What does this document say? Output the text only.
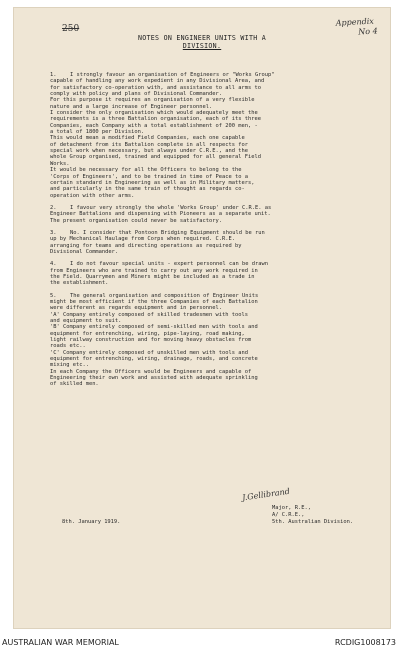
250
Appendix
No 4
NOTES ON ENGINEER UNITS WITH A
DIVISION.
1.	I strongly favour an organisation of Engineers or "Works Group"
capable of handling any work expedient in any Divisional Area, and
for satisfactory co-operation with, and assistance to all arms to
comply with policy and plans of Divisional Commander.
For this purpose it requires an organisation of a very flexible
nature and a large increase of Engineer personnel.
I consider the only organisation which would adequately meet the
requirements is a three Battalion organisation, each of its three
Companies, each Company with a total establishment of 200 men, -
a total of 1800 per Division.
This would mean a modified Field Companies, each one capable
of detachment from its Battalion complete in all respects for
special work when necessary, but always under C.R.E., and the
whole Group organised, trained and equipped for all general Field
Works.
It would be necessary for all the Officers to belong to the
'Corps of Engineers', and to be trained in time of Peace to a
certain standard in Engineering as well as in Military matters,
and particularly in the same train of thought as regards co-
operation with other arms.
2.	I favour very strongly the whole 'Works Group' under C.R.E. as
Engineer Battalions and dispensing with Pioneers as a separate unit.
The present organisation could never be satisfactory.
3.	No. I consider that Pontoon Bridging Equipment should be run
up by Mechanical Haulage from Corps when required. C.R.E.
arranging for teams and directing operations as required by
Divisional Commander.
4.	I do not favour special units - expert personnel can be drawn
from Engineers who are trained to carry out any work required in
the Field. Quarrymen and Miners might be included as a trade in
the establishment.
5.	The general organisation and composition of Engineer Units
might be most efficient if the three Companies of each Battalion
were different as regards equipment and in personnel.
'A' Company entirely composed of skilled tradesmen with tools
and equipment to suit.
'B' Company entirely composed of semi-skilled men with tools and
equipment for entrenching, wiring, pipe-laying, road making,
light railway construction and for moving heavy obstacles from
roads etc..
'C' Company entirely composed of unskilled men with tools and
equipment for entrenching, wiring, drainage, roads, and concrete
mixing etc..
In each Company the Officers would be Engineers and capable of
Engineering their own work and assisted with adequate sprinkling
of skilled men.
J.Gellibrand
Major, R.E.,
A/ C.R.E.,
5th. Australian Division.
8th. January 1919.
AUSTRALIAN WAR MEMORIAL	RCDIG1008173
